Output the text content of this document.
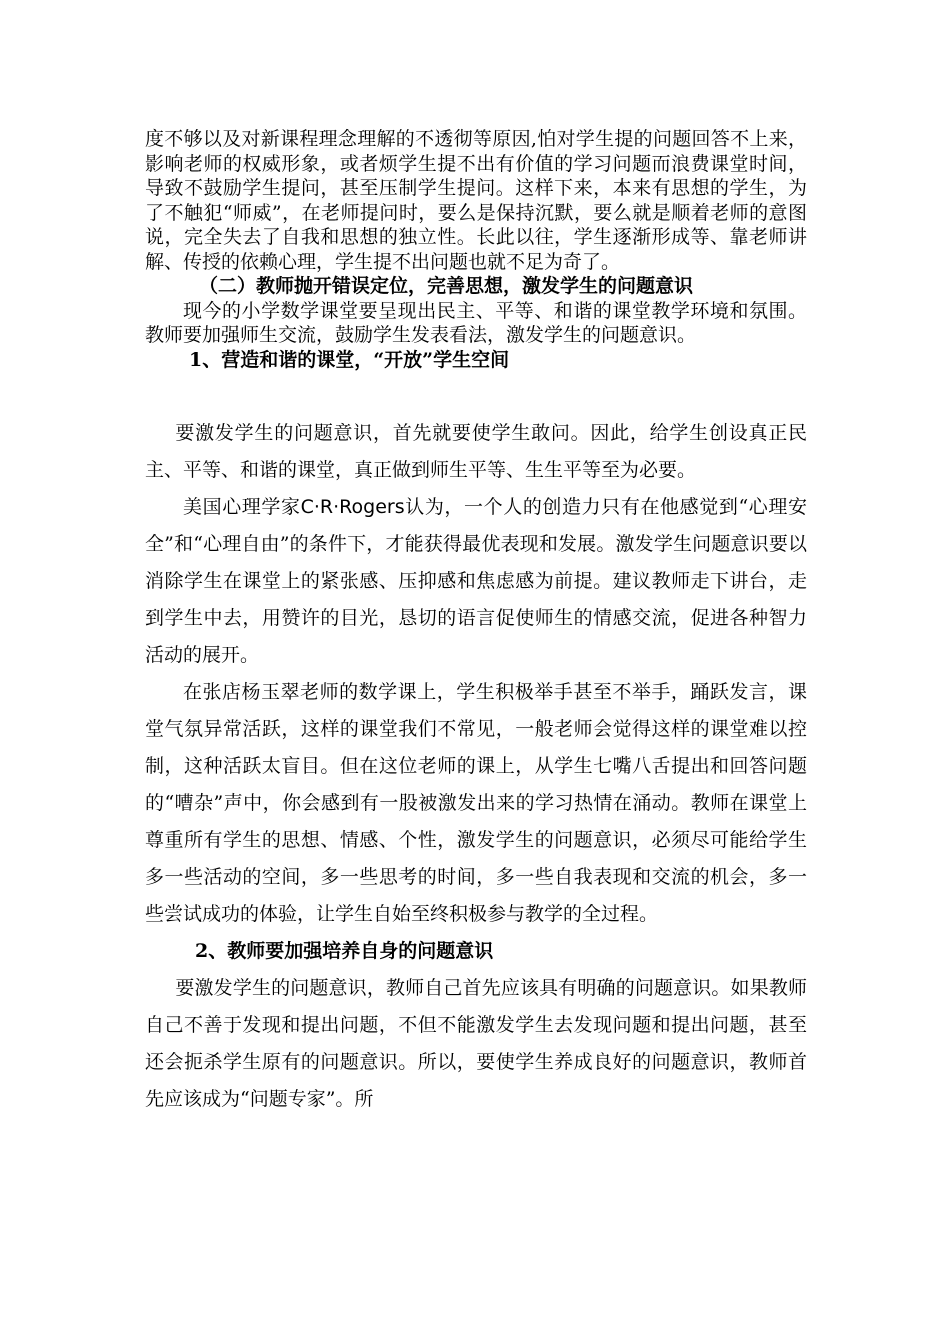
度不够以及对新课程理念理解的不透彻等原因,怕对学生提的问题回答不上来，影响老师的权威形象，或者烦学生提不出有价值的学习问题而浪费课堂时间，导致不鼓励学生提问，甚至压制学生提问。这样下来，本来有思想的学生，为了不触犯“师威”，在老师提问时，要么是保持沉默，要么就是顺着老师的意图说，完全失去了自我和思想的独立性。长此以往，学生逐渐形成等、靠老师讲解、传授的依赖心理，学生提不出问题也就不足为奇了。

（二）教师抛开错误定位，完善思想，激发学生的问题意识

现今的小学数学课堂要呈现出民主、平等、和谐的课堂教学环境和氛围。教师要加强师生交流，鼓励学生发表看法，激发学生的问题意识。

1、营造和谐的课堂，“开放”学生空间

要激发学生的问题意识，首先就要使学生敢问。因此，给学生创设真正民主、平等、和谐的课堂，真正做到师生平等、生生平等至为必要。

美国心理学家C·R·Rogers认为，一个人的创造力只有在他感觉到“心理安全”和“心理自由”的条件下，才能获得最优表现和发展。激发学生问题意识要以消除学生在课堂上的紧张感、压抑感和焦虑感为前提。建议教师走下讲台，走到学生中去，用赞许的目光，恳切的语言促使师生的情感交流，促进各种智力活动的展开。

在张店杨玉翠老师的数学课上，学生积极举手甚至不举手，踊跃发言，课堂气氛异常活跃，这样的课堂我们不常见，一般老师会觉得这样的课堂难以控制，这种活跃太盲目。但在这位老师的课上，从学生七嘴八舌提出和回答问题的“嘈杂”声中，你会感到有一股被激发出来的学习热情在涌动。教师在课堂上尊重所有学生的思想、情感、个性，激发学生的问题意识，必须尽可能给学生多一些活动的空间，多一些思考的时间，多一些自我表现和交流的机会，多一些尝试成功的体验，让学生自始至终积极参与教学的全过程。

2、教师要加强培养自身的问题意识

要激发学生的问题意识，教师自己首先应该具有明确的问题意识。如果教师自己不善于发现和提出问题，不但不能激发学生去发现问题和提出问题，甚至还会扼杀学生原有的问题意识。所以，要使学生养成良好的问题意识，教师首先应该成为“问题专家”。所
